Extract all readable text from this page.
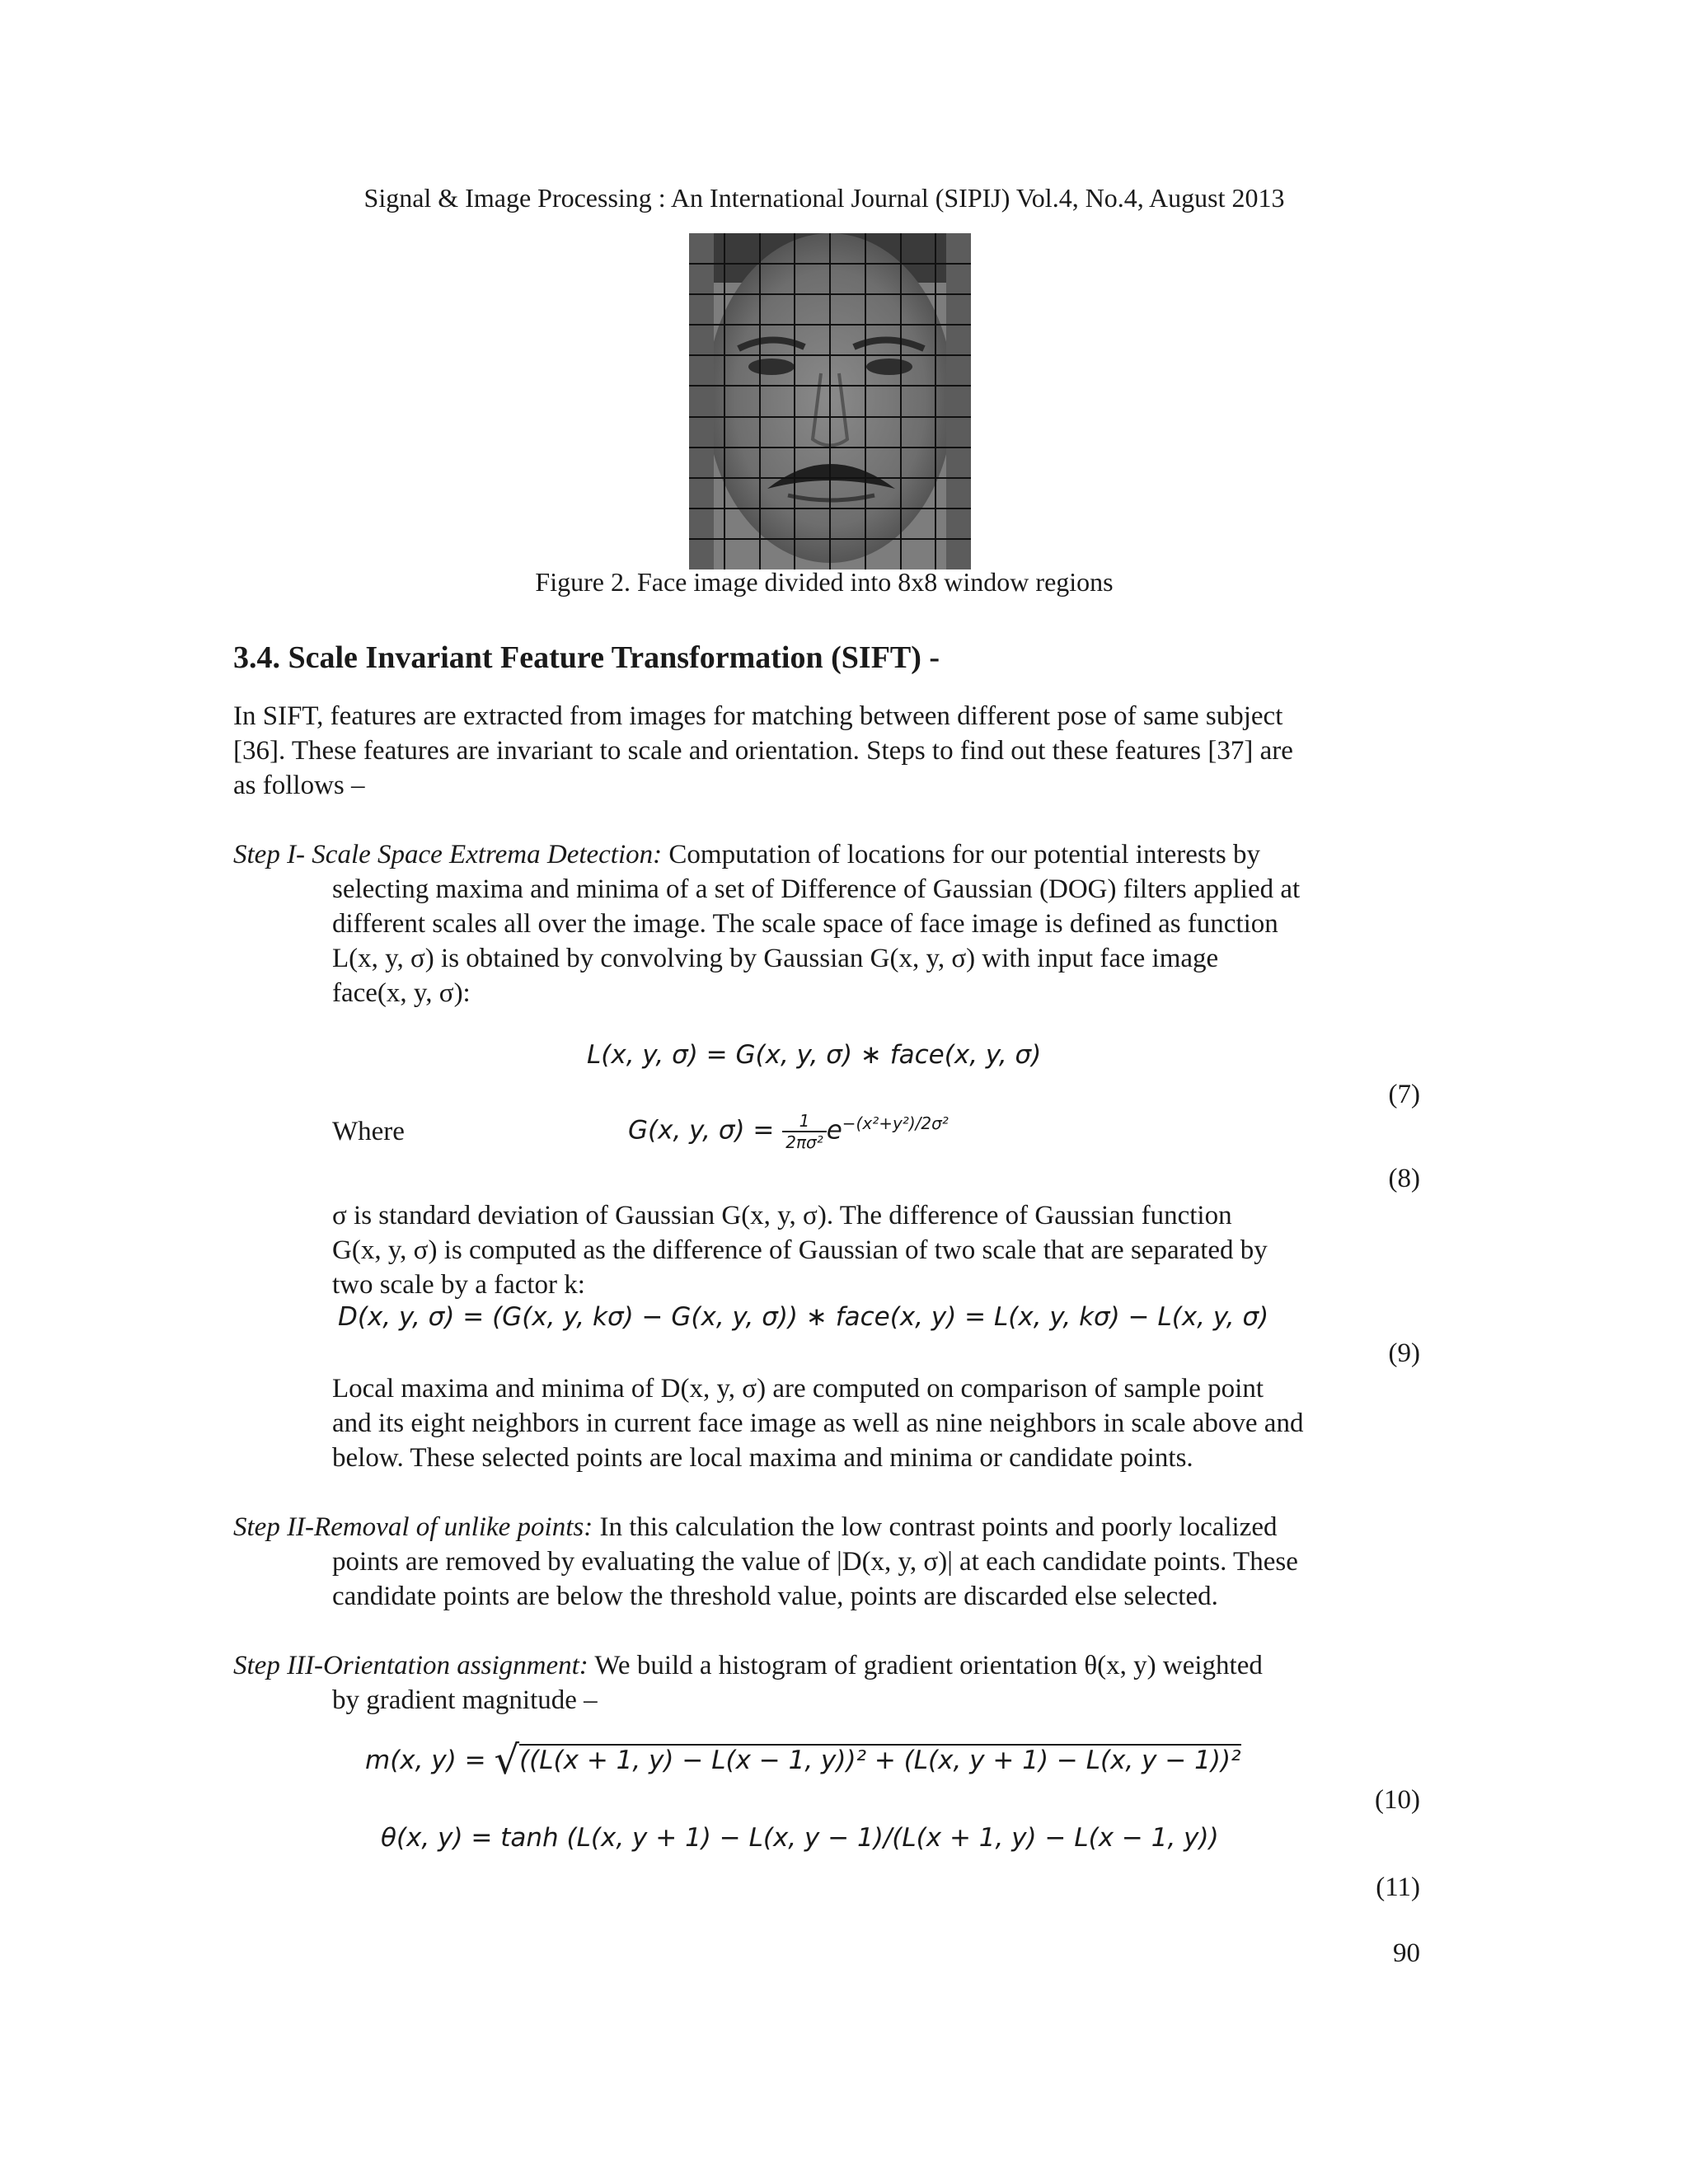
Signal & Image Processing : An International Journal (SIPIJ) Vol.4, No.4, August 2013
Figure 2. Face image divided into 8x8 window regions
3.4. Scale Invariant Feature Transformation (SIFT) -
In SIFT, features are extracted from images for matching between different pose of same subject
[36]. These features are invariant to scale and orientation. Steps to find out these features [37] are
as follows –
Step I- Scale Space Extrema Detection: Computation of locations for our potential interests by
selecting maxima and minima of a set of Difference of Gaussian (DOG) filters applied at
different scales all over the image. The scale space of face image is defined as function
L(x, y, σ) is obtained by convolving by Gaussian G(x, y, σ) with input face image
face(x, y, σ):
L(x, y, σ) = G(x, y, σ) ∗ face(x, y, σ)
(7)
Where	G(x, y, $\sigma) = \frac{1}{\text{2πσ²}} e^{-(x^2+y^2)/2\sigma^2}$
(8)
σ is standard deviation of Gaussian G(x, y, σ). The difference of Gaussian function
G(x, y, σ) is computed as the difference of Gaussian of two scale that are separated by
two scale by a factor k:
D(x, y, σ) = (G(x, y, kσ) − G(x, y, σ)) ∗ face(x, y) = L(x, y, kσ) − L(x, y, σ)
(9)
Local maxima and minima of D(x, y, σ) are computed on comparison of sample point
and its eight neighbors in current face image as well as nine neighbors in scale above and
below. These selected points are local maxima and minima or candidate points.
Step II-Removal of unlike points: In this calculation the low contrast points and poorly localized
points are removed by evaluating the value of |D(x, y, σ)| at each candidate points. These
candidate points are below the threshold value, points are discarded else selected.
Step III-Orientation assignment: We build a histogram of gradient orientation θ(x, y) weighted
by gradient magnitude –
m(x, y) = √((L(x + 1, y) − L(x − 1, y))² + (L(x, y + 1) − L(x, y − 1))²
(10)
θ(x, y) = tanh (L(x, y + 1) − L(x, y − 1)/(L(x + 1, y) − L(x − 1, y))
(11)
90
